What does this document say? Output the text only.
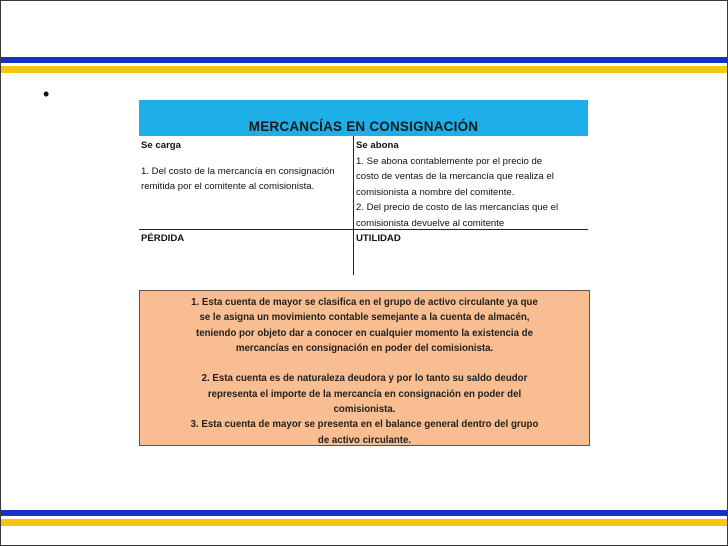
•
MERCANCÍAS EN CONSIGNACIÓN
Se carga
1. Del costo de la mercancía en consignación
remitida por el comitente al comisionista.
Se abona
1. Se abona contablemente por el precio de
costo de ventas de la mercancía que realiza el
comisionista a nombre del comitente.
2. Del precio de costo de las mercancías que el
comisionista devuelve al comitente
PÉRDIDA	UTILIDAD
1. Esta cuenta de mayor se clasifica en el grupo de activo circulante ya que
se le asigna un movimiento contable semejante a la cuenta de almacén,
teniendo por objeto dar a conocer en cualquier momento la existencia de
mercancías en consignación en poder del comisionista.
2. Esta cuenta es de naturaleza deudora y por lo tanto su saldo deudor
representa el importe de la mercancía en consignación en poder del
comisionista.
3. Esta cuenta de mayor se presenta en el balance general dentro del grupo
de activo circulante.
